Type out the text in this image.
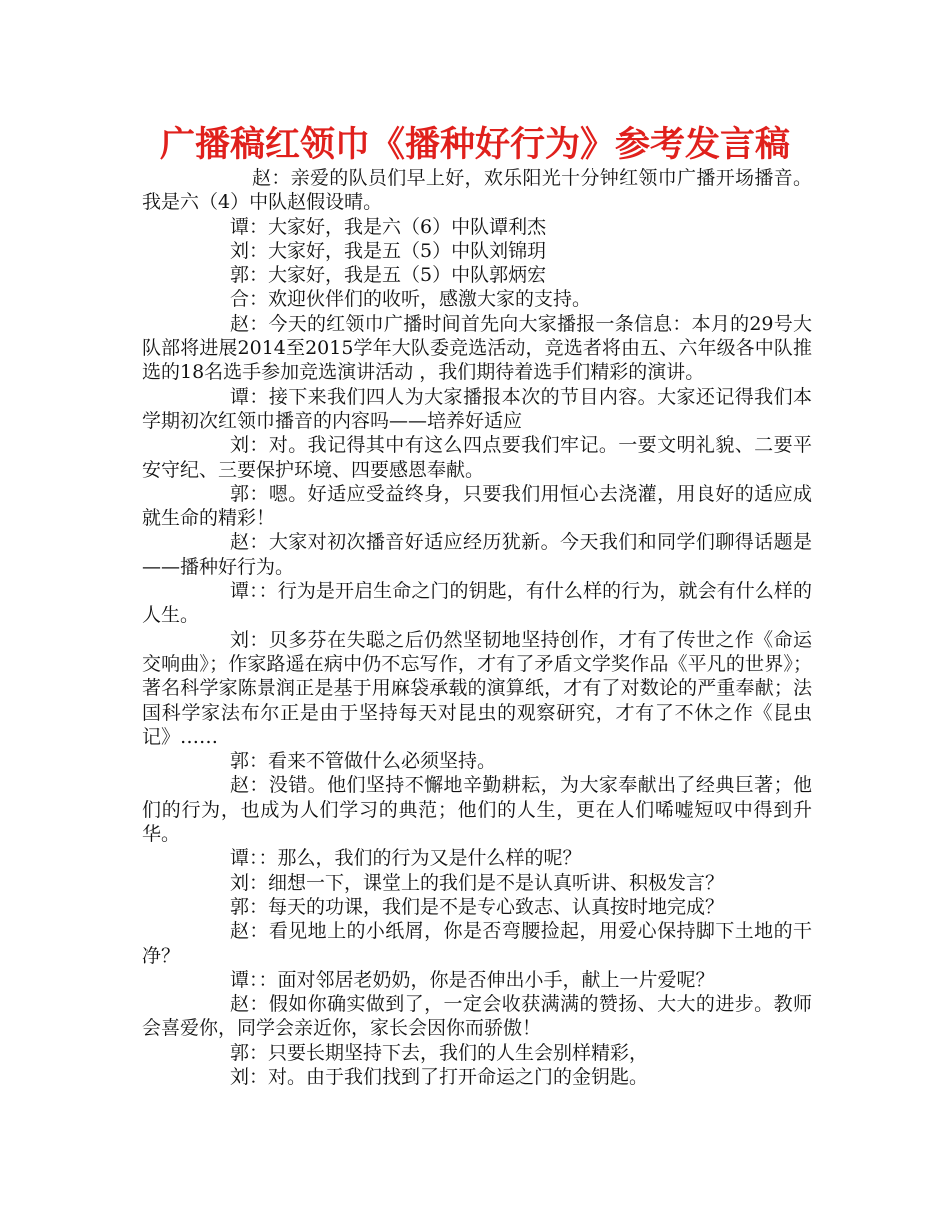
广播稿红领巾《播种好行为》参考发言稿

赵：亲爱的队员们早上好，欢乐阳光十分钟红领巾广播开场播音。我是六（4）中队赵假设晴。

谭：大家好，我是六（6）中队谭利杰

刘：大家好，我是五（5）中队刘锦玥

郭：大家好，我是五（5）中队郭炳宏

合：欢迎伙伴们的收听，感激大家的支持。

赵：今天的红领巾广播时间首先向大家播报一条信息：本月的29号大队部将进展2014至2015学年大队委竞选活动，竞选者将由五、六年级各中队推选的18名选手参加竞选演讲活动 ，我们期待着选手们精彩的演讲。

谭：接下来我们四人为大家播报本次的节目内容。大家还记得我们本学期初次红领巾播音的内容吗——培养好适应

刘：对。我记得其中有这么四点要我们牢记。一要文明礼貌、二要平安守纪、三要保护环境、四要感恩奉献。

郭：嗯。好适应受益终身，只要我们用恒心去浇灌，用良好的适应成就生命的精彩！

赵：大家对初次播音好适应经历犹新。今天我们和同学们聊得话题是——播种好行为。

谭：：行为是开启生命之门的钥匙，有什么样的行为，就会有什么样的人生。

刘：贝多芬在失聪之后仍然坚韧地坚持创作，才有了传世之作《命运交响曲》；作家路遥在病中仍不忘写作，才有了矛盾文学奖作品《平凡的世界》；著名科学家陈景润正是基于用麻袋承载的演算纸，才有了对数论的严重奉献；法国科学家法布尔正是由于坚持每天对昆虫的观察研究，才有了不休之作《昆虫记》……

郭：看来不管做什么必须坚持。

赵：没错。他们坚持不懈地辛勤耕耘，为大家奉献出了经典巨著；他们的行为，也成为人们学习的典范；他们的人生，更在人们唏嘘短叹中得到升华。

谭：：那么，我们的行为又是什么样的呢？

刘：细想一下，课堂上的我们是不是认真听讲、积极发言？

郭：每天的功课，我们是不是专心致志、认真按时地完成？

赵：看见地上的小纸屑，你是否弯腰捡起，用爱心保持脚下土地的干净？

谭：：面对邻居老奶奶，你是否伸出小手，献上一片爱呢？

赵：假如你确实做到了，一定会收获满满的赞扬、大大的进步。教师会喜爱你，同学会亲近你，家长会因你而骄傲！

郭：只要长期坚持下去，我们的人生会别样精彩，

刘：对。由于我们找到了打开命运之门的金钥匙。
